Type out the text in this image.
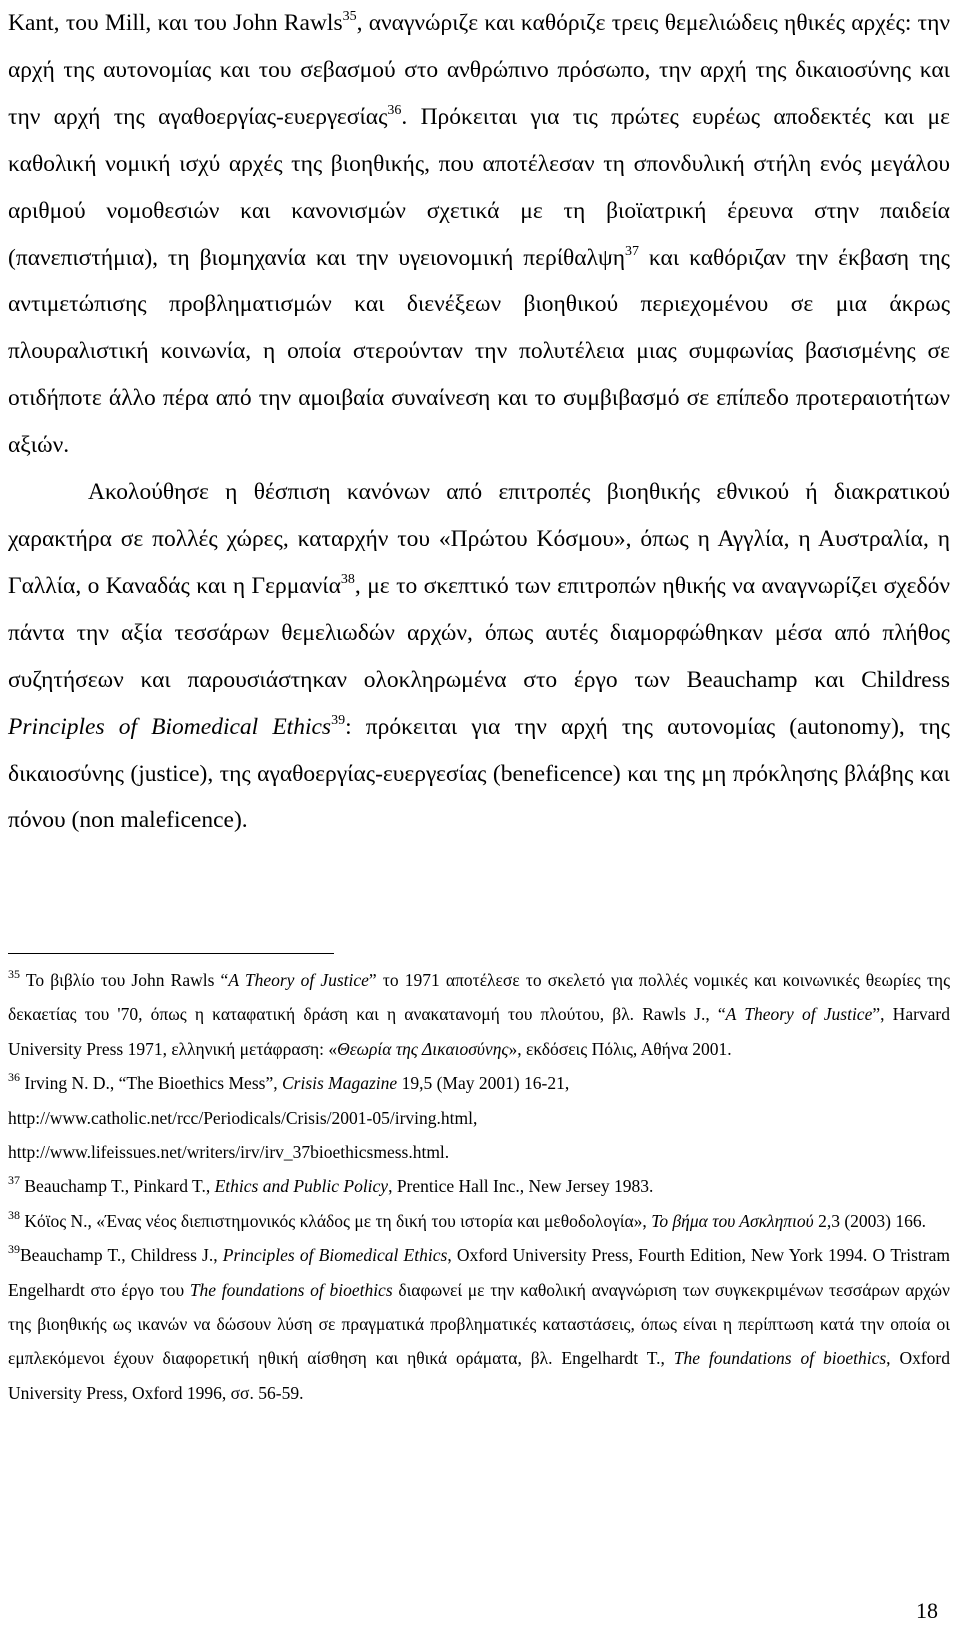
Kant, του Mill, και του John Rawls$^{35}$, αναγνώριζε και καθόριζε τρεις θεμελιώδεις ηθικές αρχές: την αρχή της αυτονομίας και του σεβασμού στο ανθρώπινο πρόσωπο, την αρχή της δικαιοσύνης και την αρχή της αγαθοεργίας-ευεργεσίας$^{36}$. Πρόκειται για τις πρώτες ευρέως αποδεκτές και με καθολική νομική ισχύ αρχές της βιοηθικής, που αποτέλεσαν τη σπονδυλική στήλη ενός μεγάλου αριθμού νομοθεσιών και κανονισμών σχετικά με τη βιοϊατρική έρευνα στην παιδεία (πανεπιστήμια), τη βιομηχανία και την υγειονομική περίθαλψη$^{37}$ και καθόριζαν την έκβαση της αντιμετώπισης προβληματισμών και διενέξεων βιοηθικού περιεχομένου σε μια άκρως πλουραλιστική κοινωνία, η οποία στερούνταν την πολυτέλεια μιας συμφωνίας βασισμένης σε οτιδήποτε άλλο πέρα από την αμοιβαία συναίνεση και το συμβιβασμό σε επίπεδο προτεραιοτήτων αξιών.

Ακολούθησε η θέσπιση κανόνων από επιτροπές βιοηθικής εθνικού ή διακρατικού χαρακτήρα σε πολλές χώρες, καταρχήν του «Πρώτου Κόσμου», όπως η Αγγλία, η Αυστραλία, η Γαλλία, ο Καναδάς και η Γερμανία$^{38}$, με το σκεπτικό των επιτροπών ηθικής να αναγνωρίζει σχεδόν πάντα την αξία τεσσάρων θεμελιωδών αρχών, όπως αυτές διαμορφώθηκαν μέσα από πλήθος συζητήσεων και παρουσιάστηκαν ολοκληρωμένα στο έργο των Beauchamp και Childress Principles of Biomedical Ethics$^{39}$: πρόκειται για την αρχή της αυτονομίας (autonomy), της δικαιοσύνης (justice), της αγαθοεργίας-ευεργεσίας (beneficence) και της μη πρόκλησης βλάβης και πόνου (non maleficence).

$^{35}$ Το βιβλίο του John Rawls “A Theory of Justice” το 1971 αποτέλεσε το σκελετό για πολλές νομικές και κοινωνικές θεωρίες της δεκαετίας του '70, όπως η καταφατική δράση και η ανακατανομή του πλούτου, βλ. Rawls J., “A Theory of Justice”, Harvard University Press 1971, ελληνική μετάφραση: «Θεωρία της Δικαιοσύνης», εκδόσεις Πόλις, Αθήνα 2001.

$^{36}$ Irving N. D., “The Bioethics Mess”, Crisis Magazine 19,5 (May 2001) 16-21,
http://www.catholic.net/rcc/Periodicals/Crisis/2001-05/irving.html,
http://www.lifeissues.net/writers/irv/irv_37bioethicsmess.html.

$^{37}$ Beauchamp T., Pinkard T., Ethics and Public Policy, Prentice Hall Inc., New Jersey 1983.

$^{38}$ Κόϊος Ν., «Ένας νέος διεπιστημονικός κλάδος με τη δική του ιστορία και μεθοδολογία», Το βήμα του Ασκληπιού 2,3 (2003) 166.

$^{39}$Beauchamp T., Childress J., Principles of Biomedical Ethics, Oxford University Press, Fourth Edition, New York 1994. Ο Tristram Engelhardt στο έργο του The foundations of bioethics διαφωνεί με την καθολική αναγνώριση των συγκεκριμένων τεσσάρων αρχών της βιοηθικής ως ικανών να δώσουν λύση σε πραγματικά προβληματικές καταστάσεις, όπως είναι η περίπτωση κατά την οποία οι εμπλεκόμενοι έχουν διαφορετική ηθική αίσθηση και ηθικά οράματα, βλ. Engelhardt T., The foundations of bioethics, Oxford University Press, Oxford 1996, σσ. 56-59.

18
